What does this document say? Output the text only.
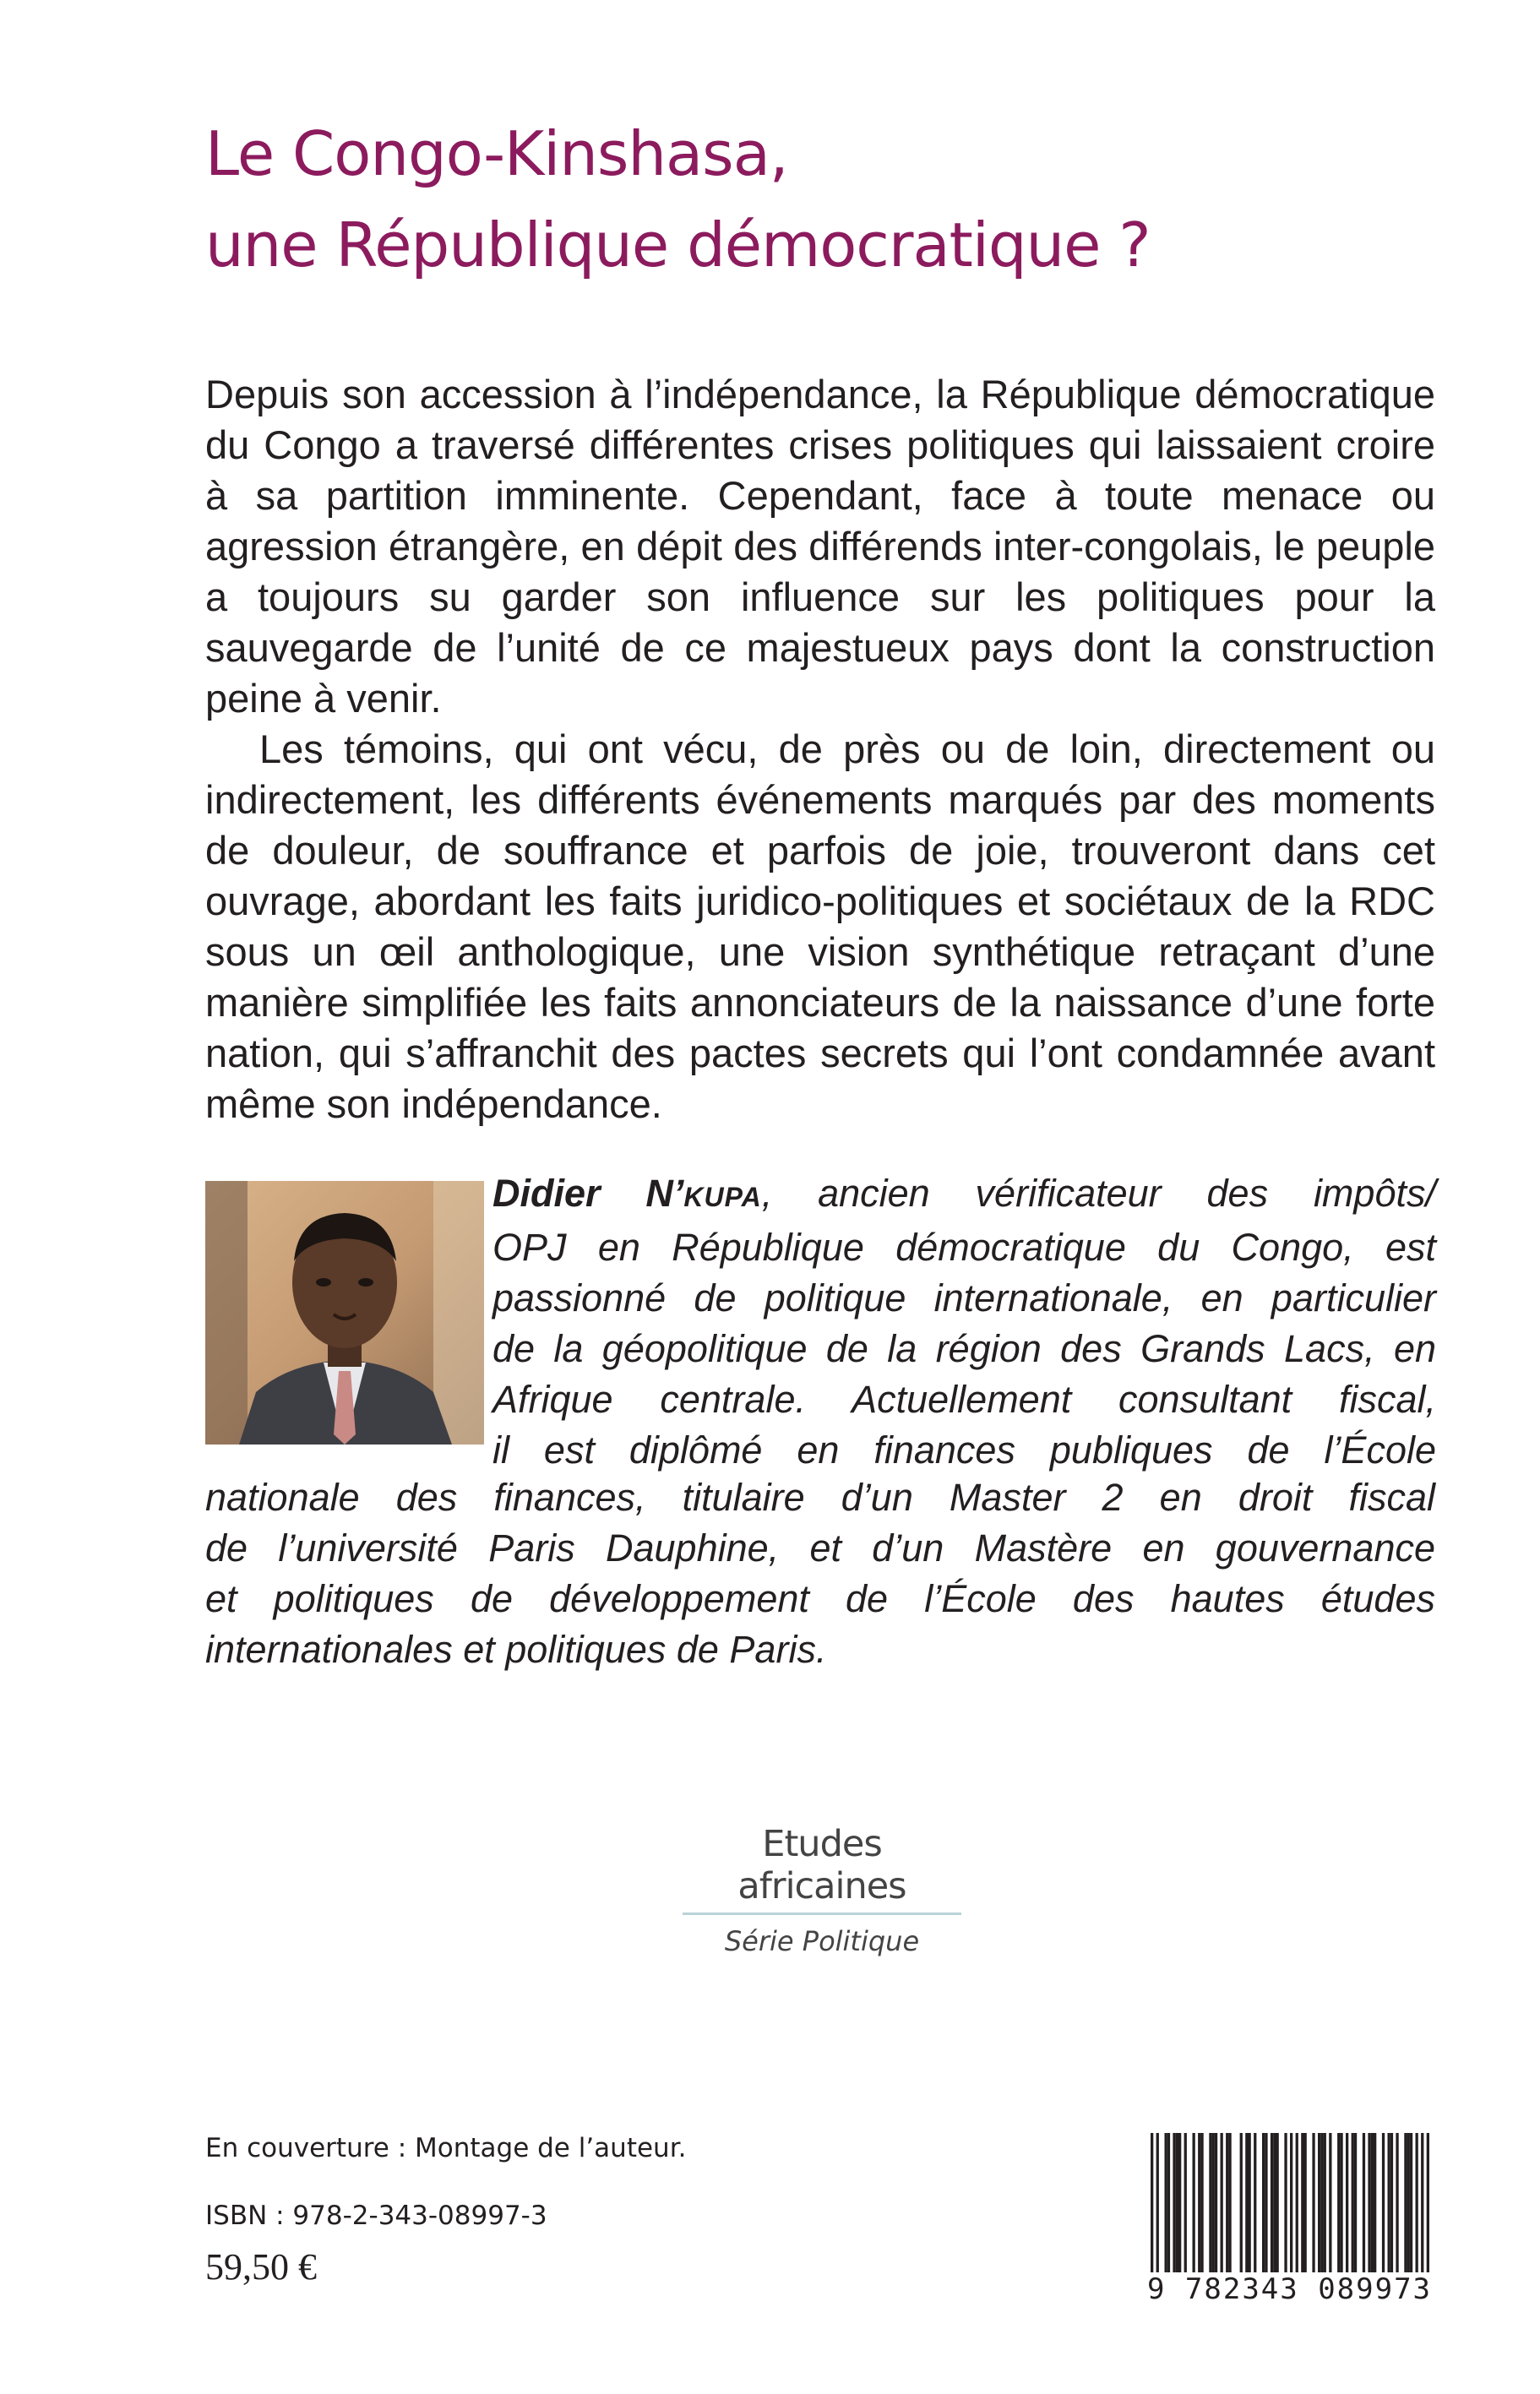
Le Congo-Kinshasa,
une République démocratique ?

Depuis son accession à l’indépendance, la République démocratique du Congo a traversé différentes crises politiques qui laissaient croire à sa partition imminente. Cependant, face à toute menace ou agression étrangère, en dépit des différends inter-congolais, le peuple a toujours su garder son influence sur les politiques pour la sauvegarde de l’unité de ce majestueux pays dont la construction peine à venir.

Les témoins, qui ont vécu, de près ou de loin, directement ou indirectement, les différents événements marqués par des moments de douleur, de souffrance et parfois de joie, trouveront dans cet ouvrage, abordant les faits juridico-politiques et sociétaux de la RDC sous un œil anthologique, une vision synthétique retraçant d’une manière simplifiée les faits annonciateurs de la naissance d’une forte nation, qui s’affranchit des pactes secrets qui l’ont condamnée avant même son indépendance.

Didier N’KUPA, ancien vérificateur des impôts/
OPJ en République démocratique du Congo, est
passionné de politique internationale, en particulier
de la géopolitique de la région des Grands Lacs, en
Afrique centrale. Actuellement consultant fiscal,
il est diplômé en finances publiques de l’École
nationale des finances, titulaire d’un Master 2 en droit fiscal
de l’université Paris Dauphine, et d’un Mastère en gouvernance
et politiques de développement de l’École des hautes études
internationales et politiques de Paris.
Etudes africaines
Série Politique
En couverture : Montage de l’auteur.
ISBN : 978-2-343-08997-3
59,50 €
9 782343 089973
